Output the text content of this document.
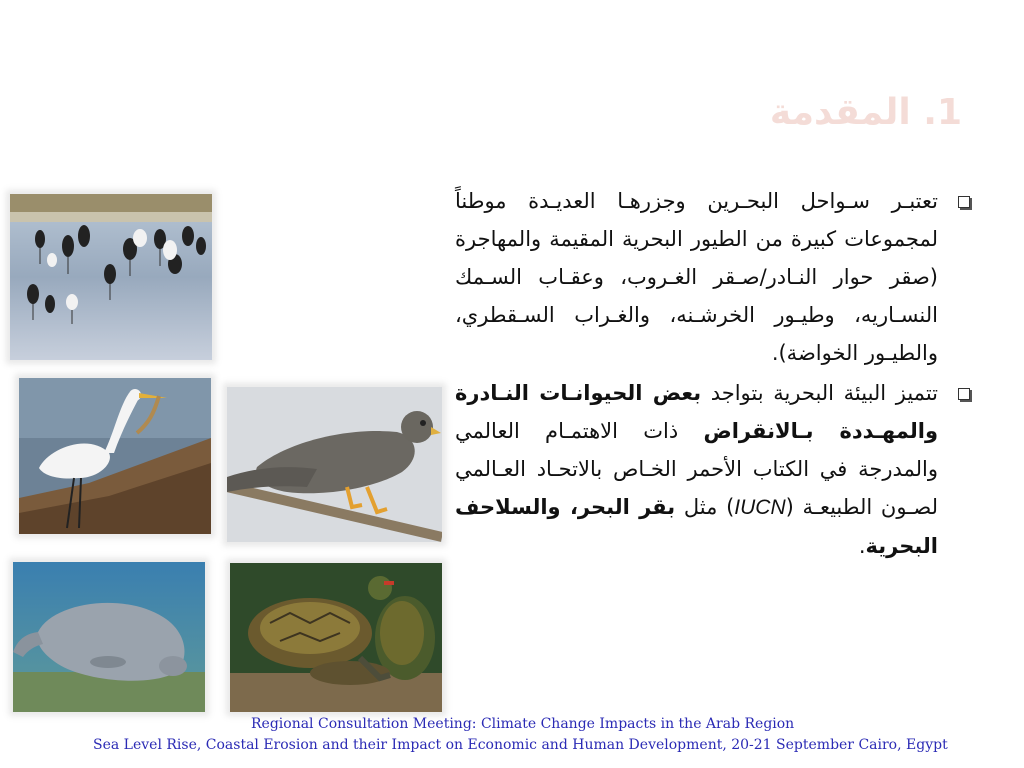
1. المقدمة
تعتبـر سـواحل البحـرين وجزرهـا العديـدة موطناً لمجموعات كبيرة من الطيور البحرية المقيمة والمهاجرة (صقر حوار النـادر/صـقر الغـروب، وعقـاب السـمك النسـاريه، وطيـور الخرشـنه، والغـراب السـقطري، والطيـور الخواضة).
تتميز البيئة البحرية بتواجد بعض الحيوانـات النـادرة والمهـددة بـالانقراض ذات الاهتمـام العالمي والمدرجة في الكتاب الأحمر الخـاص بالاتحـاد العـالمي لصـون الطبيعـة (IUCN) مثل بقر البحر، والسلاحف البحرية.
Regional Consultation Meeting: Climate Change Impacts in the Arab Region
Sea Level Rise, Coastal Erosion and their Impact on Economic and Human Development, 20-21 September Cairo, Egypt
